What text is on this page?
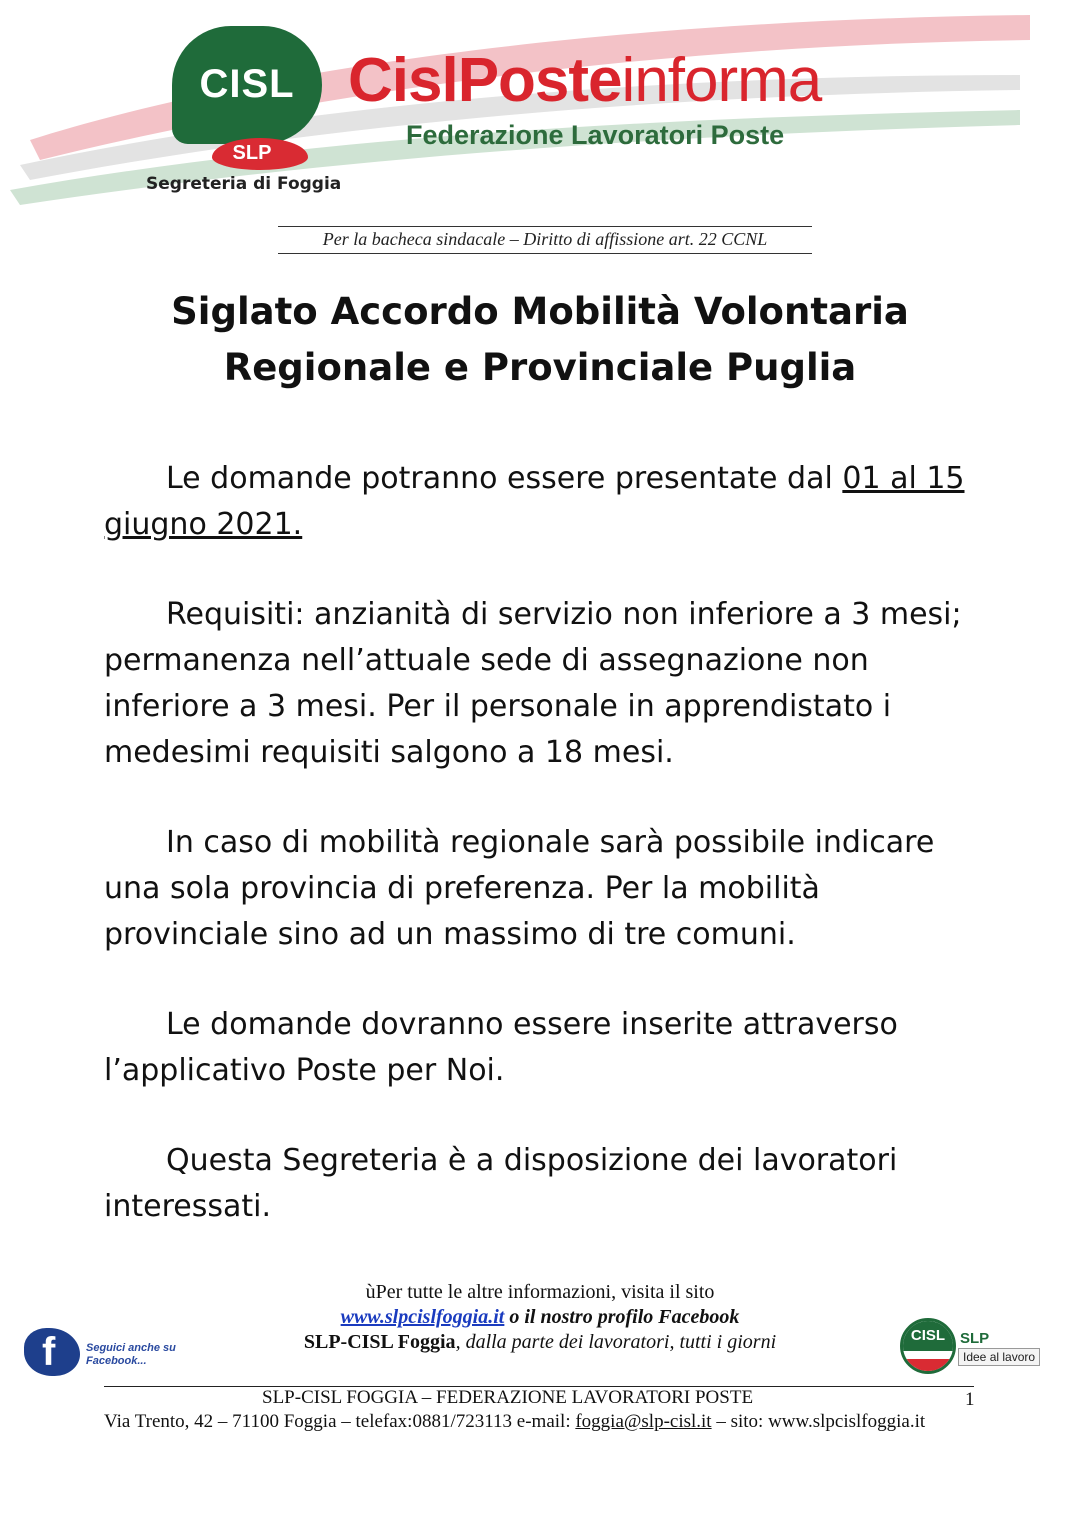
CISL
SLP
Segreteria di Foggia
CislPosteinforma
Federazione Lavoratori Poste
Per la bacheca sindacale – Diritto di affissione art. 22 CCNL
Siglato Accordo Mobilità Volontaria
Regionale e Provinciale Puglia

Le domande potranno essere presentate dal 01 al 15 giugno 2021.

Requisiti: anzianità di servizio non inferiore a 3 mesi; permanenza nell’attuale sede di assegnazione non inferiore a 3 mesi. Per il personale in apprendistato i medesimi requisiti salgono a 18 mesi.

In caso di mobilità regionale sarà possibile indicare una sola provincia di preferenza. Per la mobilità provinciale sino ad un massimo di tre comuni.

Le domande dovranno essere inserite attraverso l’applicativo Poste per Noi.

Questa Segreteria è a disposizione dei lavoratori interessati.

ùPer tutte le altre informazioni, visita il sito
www.slpcislfoggia.it o il nostro profilo Facebook
SLP-CISL Foggia, dalla parte dei lavoratori, tutti i giorni
f	Seguici anche su
Facebook...
CISL SLP
Idee al lavoro
SLP-CISL FOGGIA – FEDERAZIONE LAVORATORI POSTE	1
Via Trento, 42 – 71100 Foggia – telefax:0881/723113 e-mail: foggia@slp-cisl.it – sito: www.slpcislfoggia.it
